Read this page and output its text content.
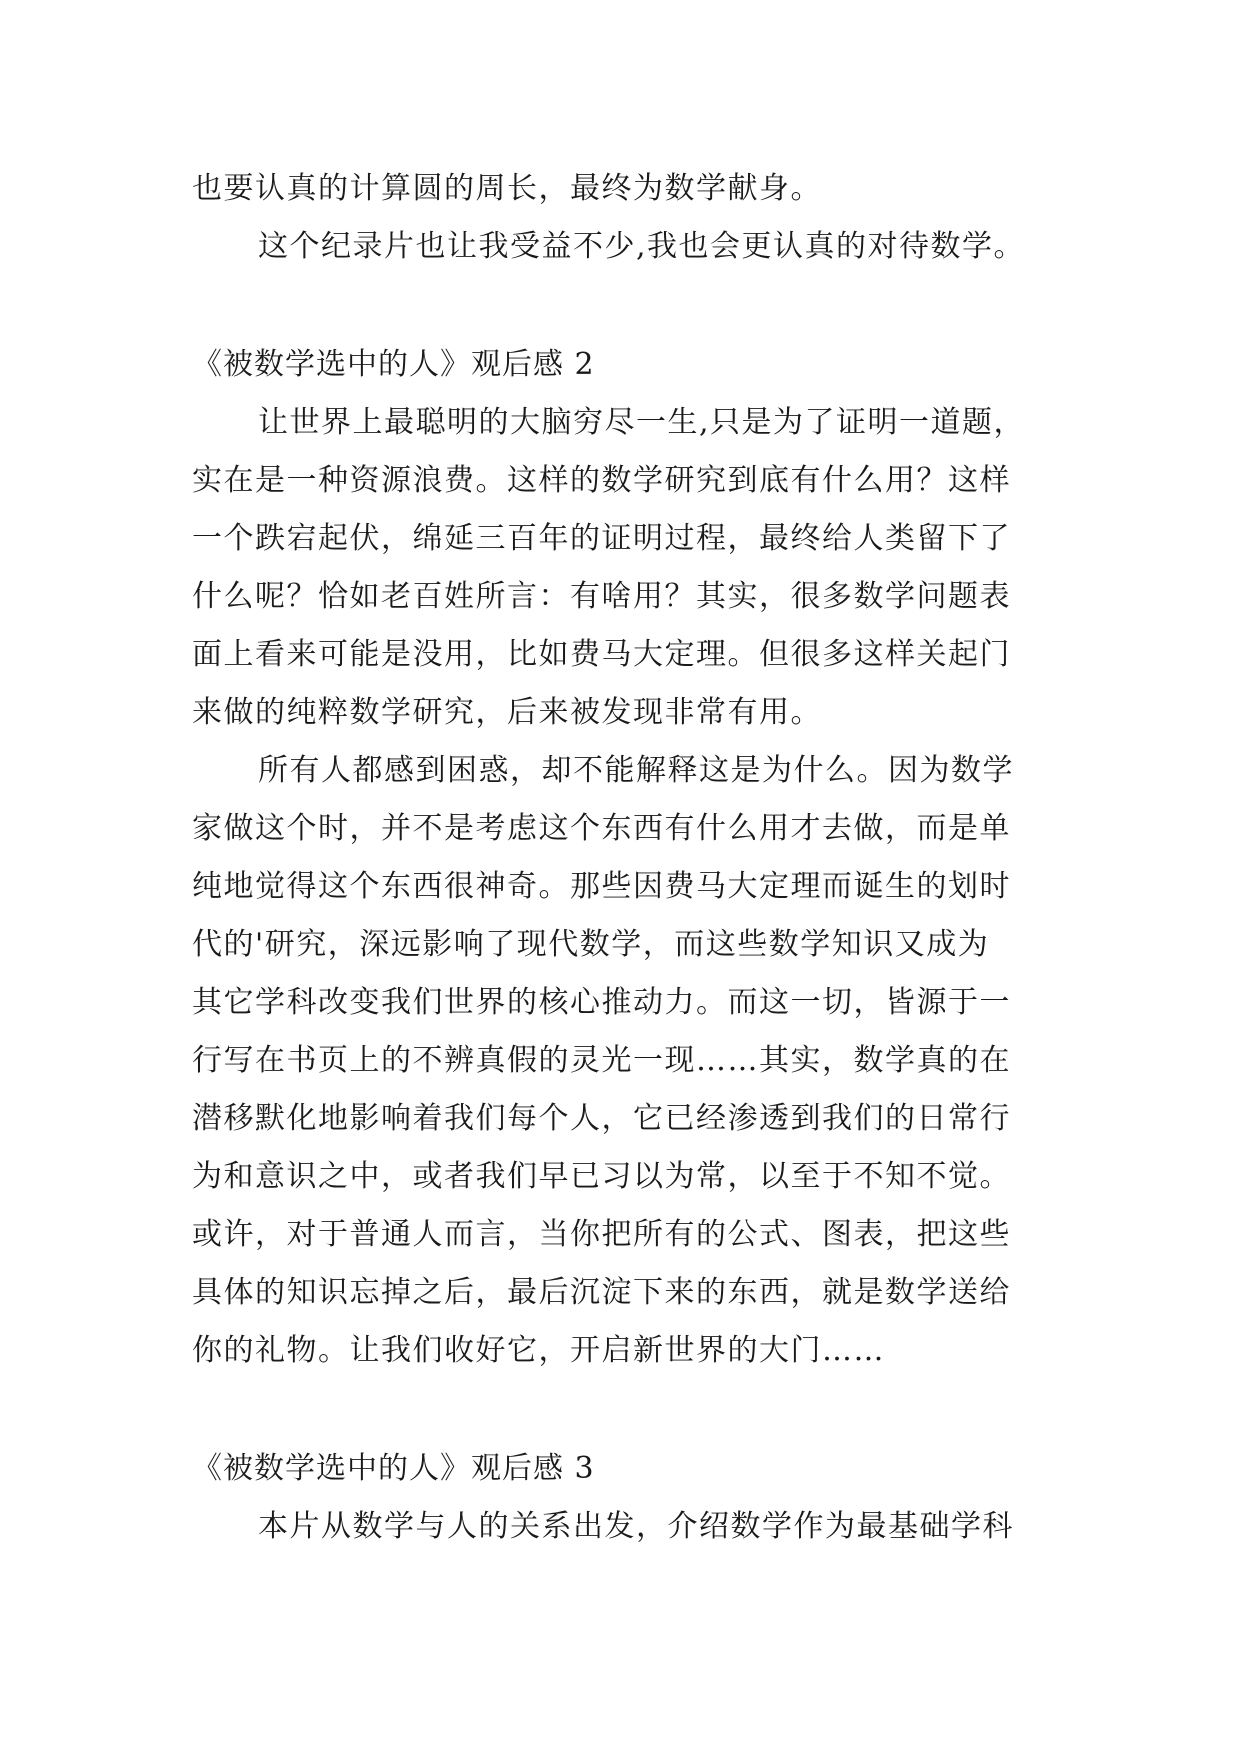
也要认真的计算圆的周长，最终为数学献身。
这个纪录片也让我受益不少,我也会更认真的对待数学。
《被数学选中的人》观后感 2
让世界上最聪明的大脑穷尽一生,只是为了证明一道题，
实在是一种资源浪费。这样的数学研究到底有什么用？这样
一个跌宕起伏，绵延三百年的证明过程，最终给人类留下了
什么呢？恰如老百姓所言：有啥用？其实，很多数学问题表
面上看来可能是没用，比如费马大定理。但很多这样关起门
来做的纯粹数学研究，后来被发现非常有用。
所有人都感到困惑，却不能解释这是为什么。因为数学
家做这个时，并不是考虑这个东西有什么用才去做，而是单
纯地觉得这个东西很神奇。那些因费马大定理而诞生的划时
代的'研究，深远影响了现代数学，而这些数学知识又成为
其它学科改变我们世界的核心推动力。而这一切，皆源于一
行写在书页上的不辨真假的灵光一现……其实，数学真的在
潜移默化地影响着我们每个人，它已经渗透到我们的日常行
为和意识之中，或者我们早已习以为常，以至于不知不觉。
或许，对于普通人而言，当你把所有的公式、图表，把这些
具体的知识忘掉之后，最后沉淀下来的东西，就是数学送给
你的礼物。让我们收好它，开启新世界的大门……
《被数学选中的人》观后感 3
本片从数学与人的关系出发，介绍数学作为最基础学科
